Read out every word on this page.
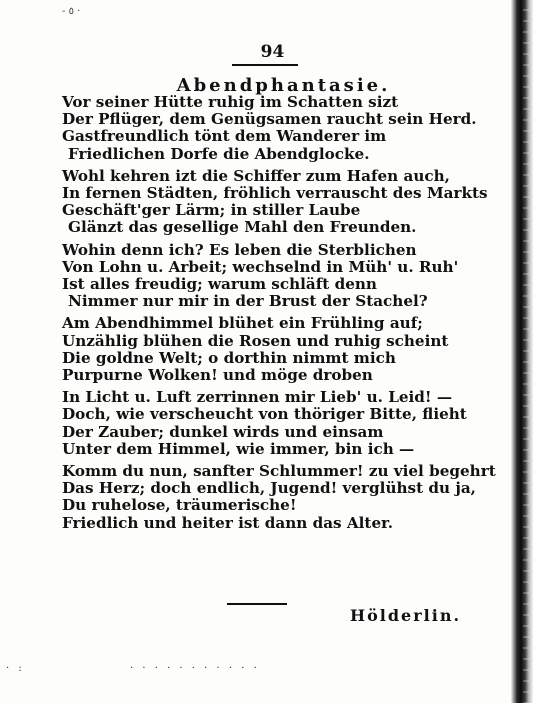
- ٥ ·
94
Abendphantasie.
Vor seiner Hütte ruhig im Schatten sizt
Der Pflüger, dem Genügsamen raucht sein Herd.
Gastfreundlich tönt dem Wanderer im
Friedlichen Dorfe die Abendglocke.
Wohl kehren izt die Schiffer zum Hafen auch,
In fernen Städten, fröhlich verrauscht des Markts
Geschäft'ger Lärm; in stiller Laube
Glänzt das gesellige Mahl den Freunden.
Wohin denn ich? Es leben die Sterblichen
Von Lohn u. Arbeit; wechselnd in Müh' u. Ruh'
Ist alles freudig; warum schläft denn
Nimmer nur mir in der Brust der Stachel?
Am Abendhimmel blühet ein Frühling auf;
Unzählig blühen die Rosen und ruhig scheint
Die goldne Welt; o dorthin nimmt mich
Purpurne Wolken! und möge droben
In Licht u. Luft zerrinnen mir Lieb' u. Leid! —
Doch, wie verscheucht von thöriger Bitte, flieht
Der Zauber; dunkel wirds und einsam
Unter dem Himmel, wie immer, bin ich —
Komm du nun, sanfter Schlummer! zu viel begehrt
Das Herz; doch endlich, Jugend! verglühst du ja,
Du ruhelose, träumerische!
Friedlich und heiter ist dann das Alter.
Hölderlin.
· :	· · · · · · · · · · ·
